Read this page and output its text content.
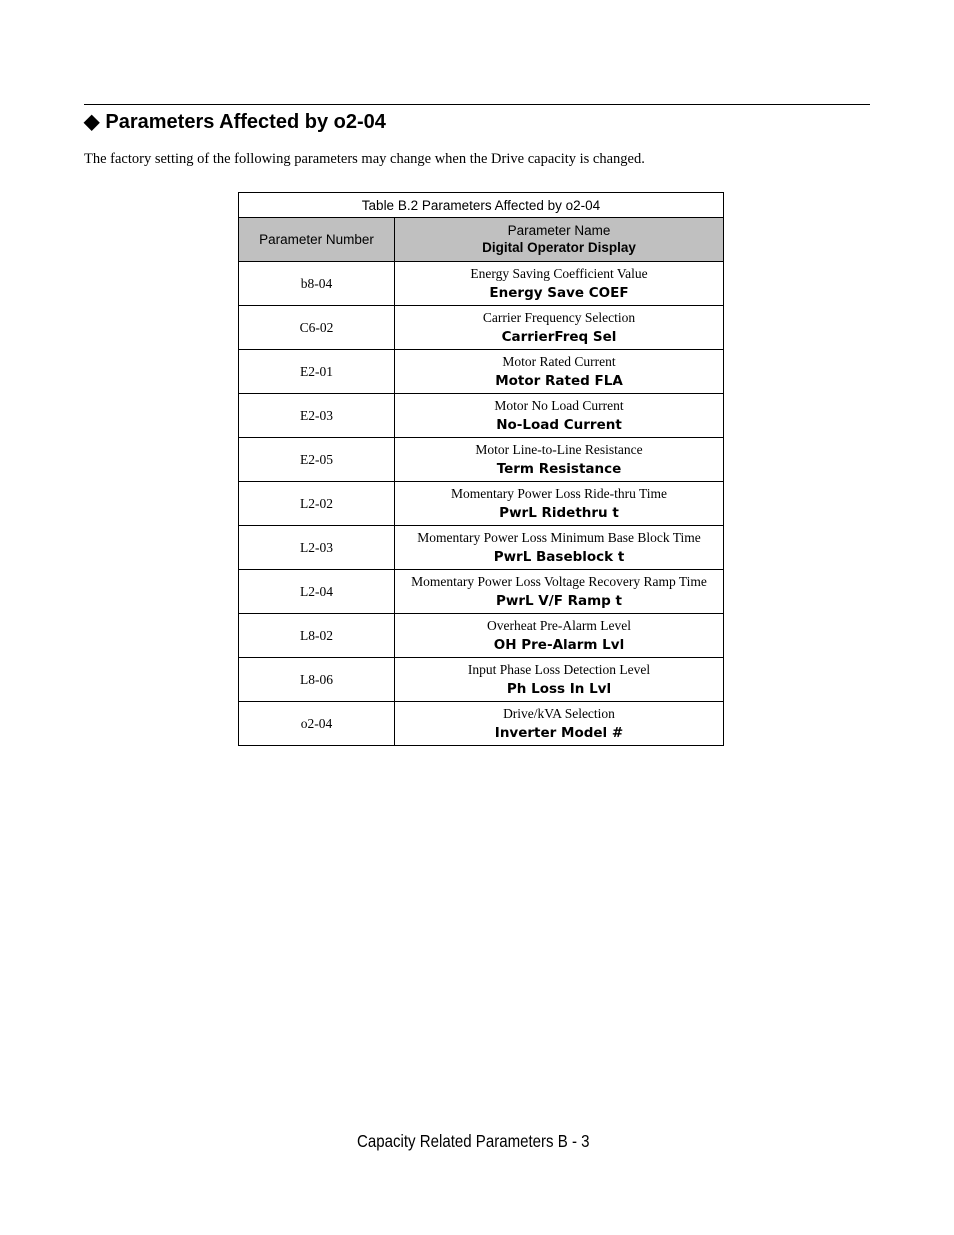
◆ Parameters Affected by o2-04
The factory setting of the following parameters may change when the Drive capacity is changed.
Table B.2 Parameters Affected by o2-04	
Parameter Number	Parameter Name
Digital Operator Display

b8-04	Energy Saving Coefficient Value
Energy Save COEF

C6-02	Carrier Frequency Selection
CarrierFreq Sel

E2-01	Motor Rated Current
Motor Rated FLA

E2-03	Motor No Load Current
No-Load Current

E2-05	Motor Line-to-Line Resistance
Term Resistance

L2-02	Momentary Power Loss Ride-thru Time
PwrL Ridethru t

L2-03	Momentary Power Loss Minimum Base Block Time
PwrL Baseblock t

L2-04	Momentary Power Loss Voltage Recovery Ramp Time
PwrL V/F Ramp t

L8-02	Overheat Pre-Alarm Level
OH Pre-Alarm Lvl

L8-06	Input Phase Loss Detection Level
Ph Loss In Lvl

o2-04	Drive/kVA Selection
Inverter Model #
Capacity Related Parameters B - 3
